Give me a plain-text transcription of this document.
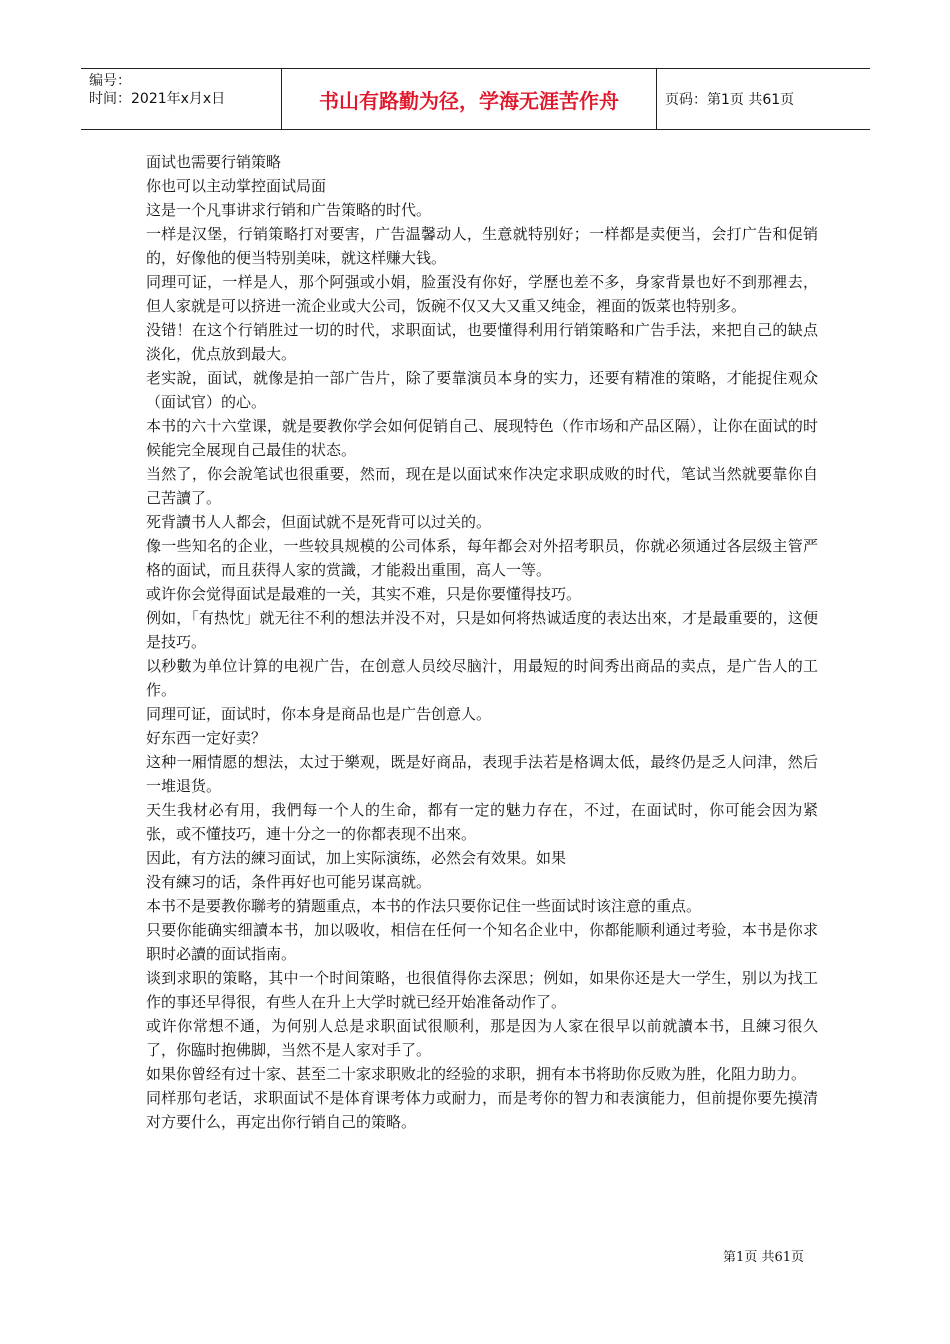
编号：
时间：2021年x月x日	书山有路勤为径，学海无涯苦作舟	页码：第1页 共61页

面试也需要行销策略

你也可以主动掌控面试局面

这是一个凡事讲求行销和广告策略的时代。

一样是汉堡，行销策略打对要害，广告温馨动人，生意就特别好；一样都是卖便当，会打广告和促销的，好像他的便当特别美味，就这样赚大钱。

同理可证，一样是人，那个阿强或小娟，脸蛋没有你好，学歷也差不多，身家背景也好不到那裡去，但人家就是可以挤进一流企业或大公司，饭碗不仅又大又重又纯金，裡面的饭菜也特别多。

没错！在这个行销胜过一切的时代，求职面试，也要懂得利用行销策略和广告手法，来把自己的缺点淡化，优点放到最大。

老实說，面试，就像是拍一部广告片，除了要靠演员本身的实力，还要有精准的策略，才能捉住观众（面试官）的心。

本书的六十六堂课，就是要教你学会如何促销自己、展现特色（作市场和产品区隔），让你在面试的时候能完全展现自己最佳的状态。

当然了，你会說笔试也很重要，然而，现在是以面试來作决定求职成败的时代，笔试当然就要靠你自己苦讀了。

死背讀书人人都会，但面试就不是死背可以过关的。

像一些知名的企业，一些较具规模的公司体系，每年都会对外招考职员，你就必须通过各层级主管严格的面试，而且获得人家的赏識，才能殺出重围，高人一等。

或许你会觉得面试是最难的一关，其实不难，只是你要懂得技巧。

例如，「有热忱」就无往不利的想法并没不对，只是如何将热诚适度的表达出來，才是最重要的，这便是技巧。

以秒數为单位计算的电视广告，在创意人员绞尽脑汁，用最短的时间秀出商品的卖点，是广告人的工作。

同理可证，面试时，你本身是商品也是广告创意人。

好东西一定好卖？

这种一厢情愿的想法，太过于樂观，既是好商品，表现手法若是格调太低，最终仍是乏人问津，然后一堆退货。

天生我材必有用，我們每一个人的生命，都有一定的魅力存在，不过，在面试时，你可能会因为紧张，或不懂技巧，連十分之一的你都表现不出來。

因此，有方法的練习面试，加上实际演练，必然会有效果。如果

没有練习的话，条件再好也可能另谋高就。

本书不是要教你聯考的猜题重点，本书的作法只要你记住一些面试时该注意的重点。

只要你能确实细讀本书，加以吸收，相信在任何一个知名企业中，你都能顺利通过考验，本书是你求职时必讀的面试指南。

谈到求职的策略，其中一个时间策略，也很值得你去深思；例如，如果你还是大一学生，别以为找工作的事还早得很，有些人在升上大学时就已经开始准备动作了。

或许你常想不通，为何别人总是求职面试很顺利，那是因为人家在很早以前就讀本书，且練习很久了，你臨时抱佛脚，当然不是人家对手了。

如果你曾经有过十家、甚至二十家求职败北的经验的求职，拥有本书将助你反败为胜，化阻力助力。

同样那句老话，求职面试不是体育课考体力或耐力，而是考你的智力和表演能力，但前提你要先摸清对方要什么，再定出你行销自己的策略。

第1页 共61页
